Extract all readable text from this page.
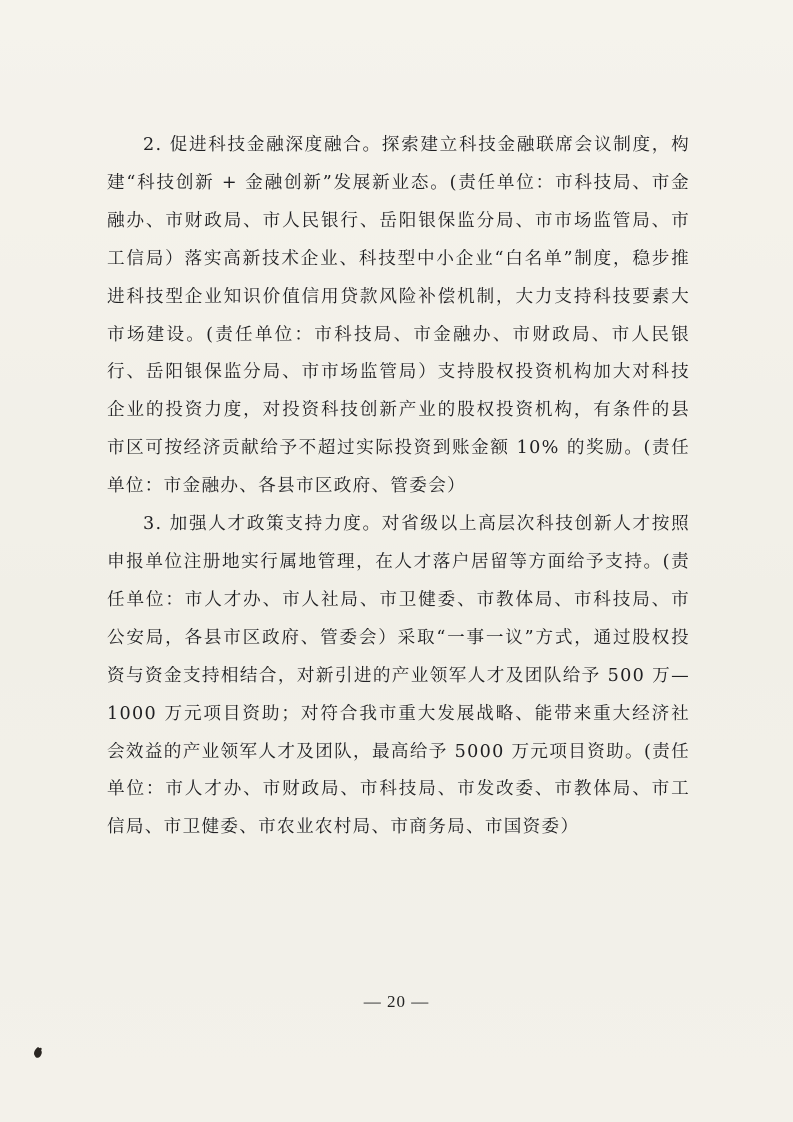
2. 促进科技金融深度融合。探索建立科技金融联席会议制度，构建“科技创新 + 金融创新”发展新业态。(责任单位：市科技局、市金融办、市财政局、市人民银行、岳阳银保监分局、市市场监管局、市工信局）落实高新技术企业、科技型中小企业“白名单”制度，稳步推进科技型企业知识价值信用贷款风险补偿机制，大力支持科技要素大市场建设。(责任单位：市科技局、市金融办、市财政局、市人民银行、岳阳银保监分局、市市场监管局）支持股权投资机构加大对科技企业的投资力度，对投资科技创新产业的股权投资机构，有条件的县市区可按经济贡献给予不超过实际投资到账金额 10% 的奖励。(责任单位：市金融办、各县市区政府、管委会）

3. 加强人才政策支持力度。对省级以上高层次科技创新人才按照申报单位注册地实行属地管理，在人才落户居留等方面给予支持。(责任单位：市人才办、市人社局、市卫健委、市教体局、市科技局、市公安局，各县市区政府、管委会）采取“一事一议”方式，通过股权投资与资金支持相结合，对新引进的产业领军人才及团队给予 500 万—1000 万元项目资助；对符合我市重大发展战略、能带来重大经济社会效益的产业领军人才及团队，最高给予 5000 万元项目资助。(责任单位：市人才办、市财政局、市科技局、市发改委、市教体局、市工信局、市卫健委、市农业农村局、市商务局、市国资委）

— 20 —
